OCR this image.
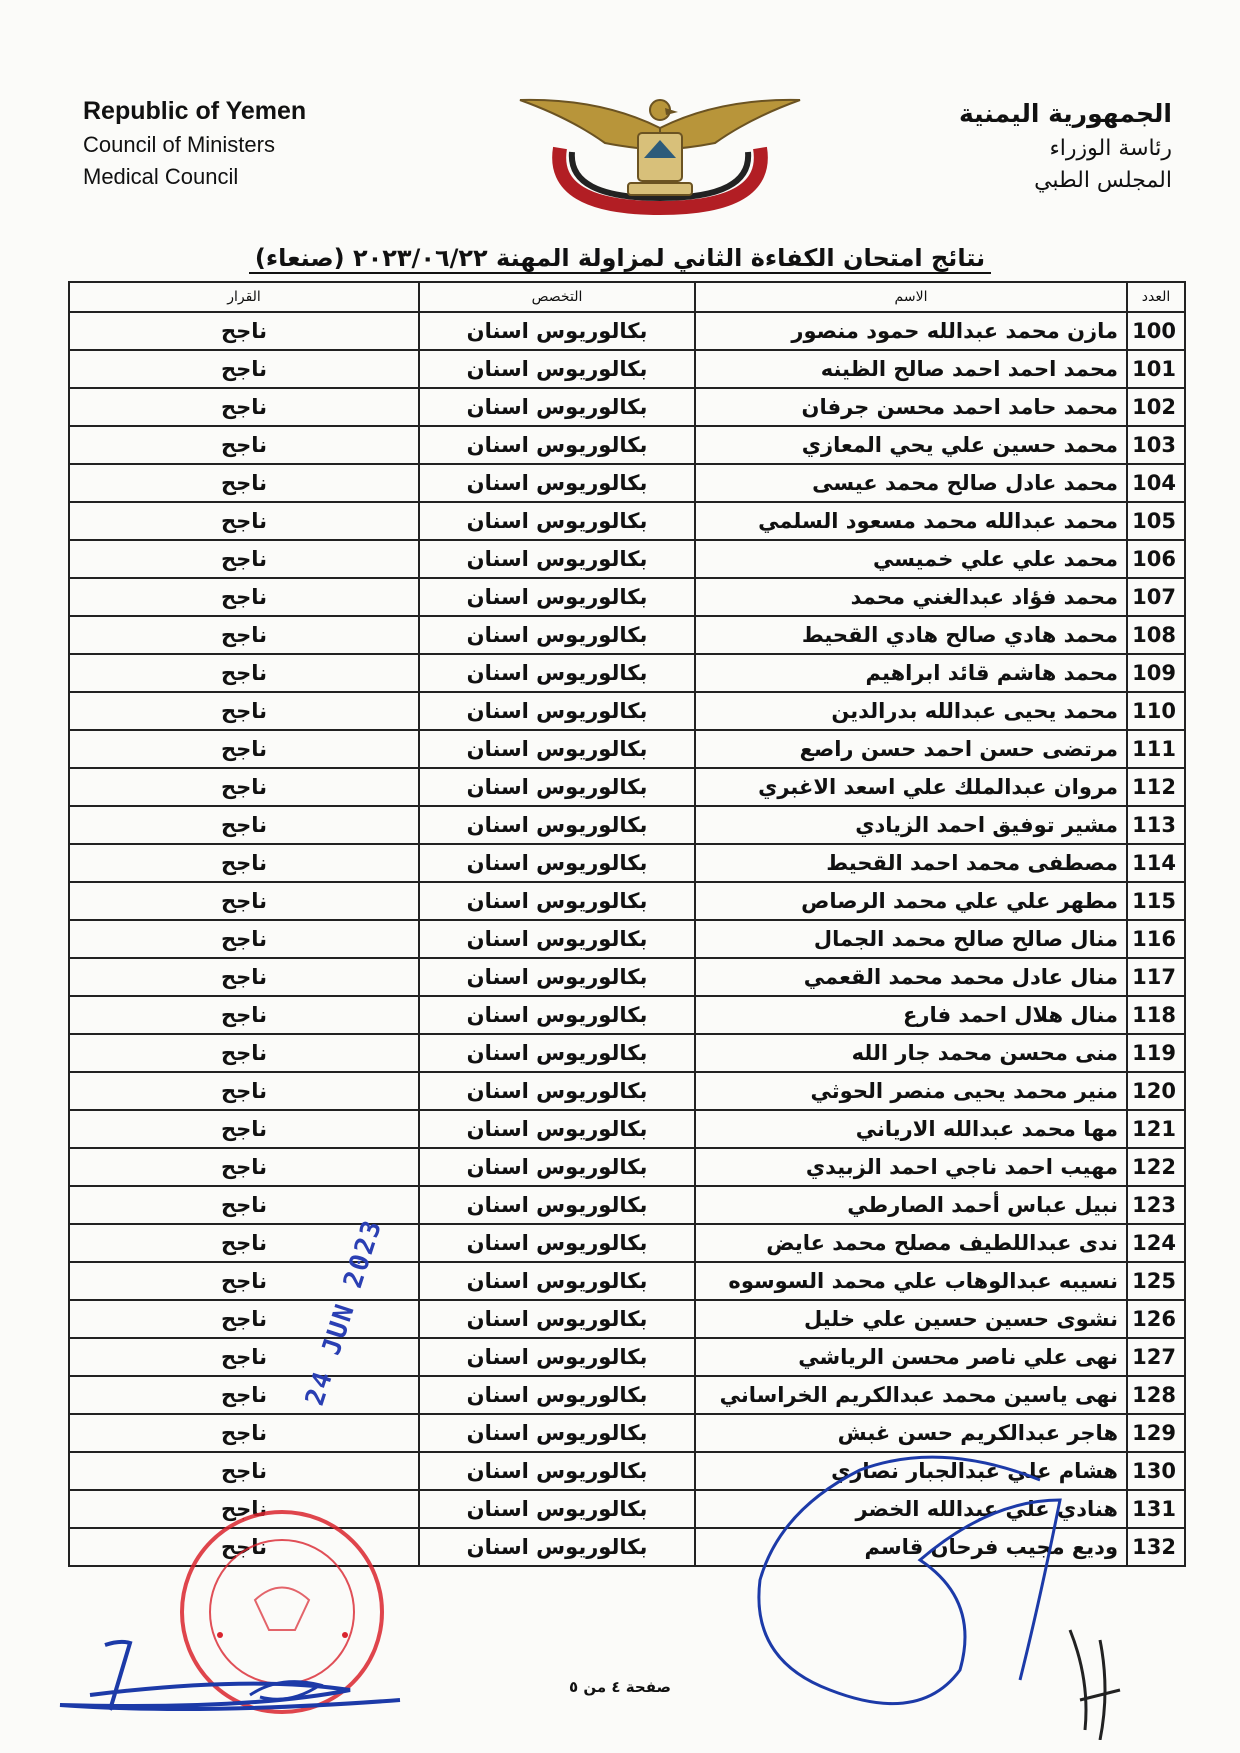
Republic of Yemen
Council of Ministers
Medical Council
الجمهورية اليمنية
رئاسة الوزراء
المجلس الطبي
نتائج امتحان الكفاءة الثاني لمزاولة المهنة ٢٠٢٣/٠٦/٢٢ (صنعاء)
العدد	الاسم	التخصص	القرار
100	مازن محمد عبدالله حمود منصور	بكالوريوس اسنان	ناجح
101	محمد احمد احمد صالح الظينه	بكالوريوس اسنان	ناجح
102	محمد حامد احمد محسن جرفان	بكالوريوس اسنان	ناجح
103	محمد حسين علي يحي المعازي	بكالوريوس اسنان	ناجح
104	محمد عادل صالح محمد عيسى	بكالوريوس اسنان	ناجح
105	محمد عبدالله محمد مسعود السلمي	بكالوريوس اسنان	ناجح
106	محمد علي علي خميسي	بكالوريوس اسنان	ناجح
107	محمد فؤاد عبدالغني محمد	بكالوريوس اسنان	ناجح
108	محمد هادي صالح هادي القحيط	بكالوريوس اسنان	ناجح
109	محمد هاشم قائد ابراهيم	بكالوريوس اسنان	ناجح
110	محمد يحيى عبدالله بدرالدين	بكالوريوس اسنان	ناجح
111	مرتضى حسن احمد حسن راصع	بكالوريوس اسنان	ناجح
112	مروان عبدالملك علي اسعد الاغبري	بكالوريوس اسنان	ناجح
113	مشير توفيق احمد الزيادي	بكالوريوس اسنان	ناجح
114	مصطفى محمد احمد القحيط	بكالوريوس اسنان	ناجح
115	مطهر علي علي محمد الرصاص	بكالوريوس اسنان	ناجح
116	منال صالح صالح محمد الجمال	بكالوريوس اسنان	ناجح
117	منال عادل محمد محمد القعمي	بكالوريوس اسنان	ناجح
118	منال هلال احمد فارع	بكالوريوس اسنان	ناجح
119	منى محسن محمد جار الله	بكالوريوس اسنان	ناجح
120	منير محمد يحيى منصر الحوثي	بكالوريوس اسنان	ناجح
121	مها محمد عبدالله الارياني	بكالوريوس اسنان	ناجح
122	مهيب احمد ناجي احمد الزبيدي	بكالوريوس اسنان	ناجح
123	نبيل عباس أحمد الصارطي	بكالوريوس اسنان	ناجح
124	ندى عبداللطيف مصلح محمد عايض	بكالوريوس اسنان	ناجح
125	نسيبه عبدالوهاب علي محمد السوسوه	بكالوريوس اسنان	ناجح
126	نشوى حسين حسين علي خليل	بكالوريوس اسنان	ناجح
127	نهى علي ناصر محسن الرياشي	بكالوريوس اسنان	ناجح
128	نهى ياسين محمد عبدالكريم الخراساني	بكالوريوس اسنان	ناجح
129	هاجر عبدالكريم حسن غبش	بكالوريوس اسنان	ناجح
130	هشام علي عبدالجبار نصاري	بكالوريوس اسنان	ناجح
131	هنادي علي عبدالله الخضر	بكالوريوس اسنان	ناجح
132	وديع مجيب فرحان قاسم	بكالوريوس اسنان	ناجح
صفحة ٤ من ٥
24 JUN 2023
